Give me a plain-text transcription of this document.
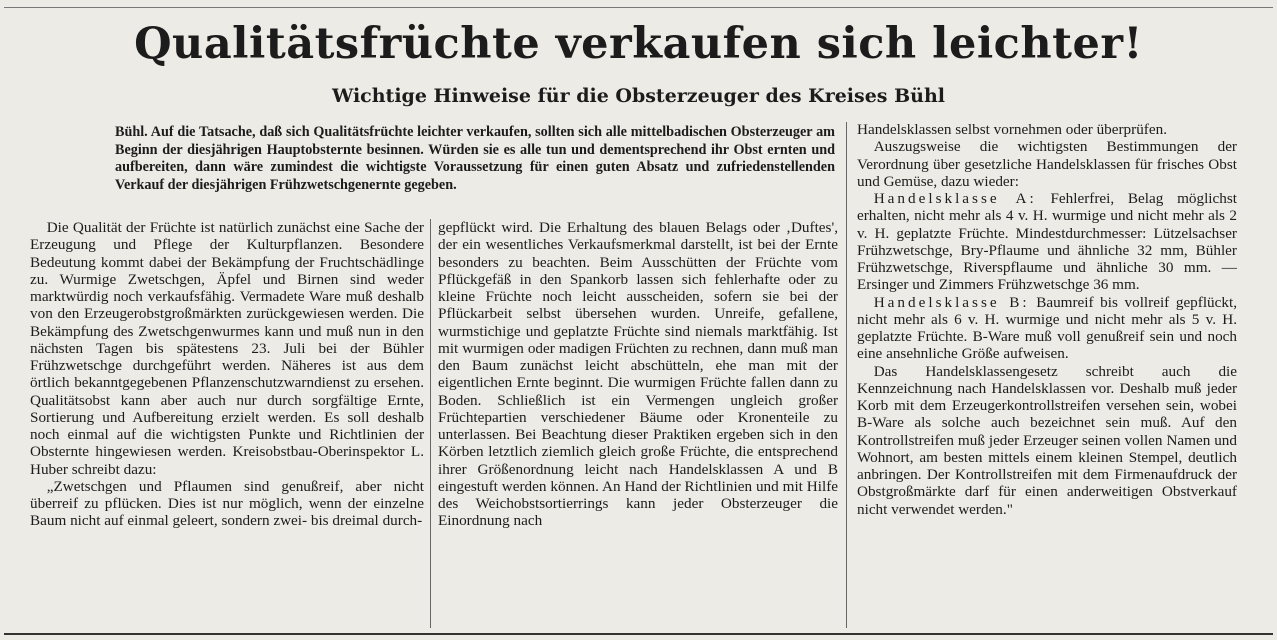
Qualitätsfrüchte verkaufen sich leichter!
Wichtige Hinweise für die Obsterzeuger des Kreises Bühl

Bühl. Auf die Tatsache, daß sich Qualitätsfrüchte leichter verkaufen, sollten sich alle mittelbadischen Obsterzeuger am Beginn der diesjährigen Hauptobsternte besinnen. Würden sie es alle tun und dementsprechend ihr Obst ernten und aufbereiten, dann wäre zumindest die wichtigste Voraussetzung für einen guten Absatz und zufriedenstellenden Verkauf der diesjährigen Frühzwetschgenernte gegeben.

Die Qualität der Früchte ist natürlich zunächst eine Sache der Erzeugung und Pflege der Kulturpflanzen. Besondere Bedeutung kommt dabei der Bekämpfung der Fruchtschädlinge zu. Wurmige Zwetschgen, Äpfel und Birnen sind weder marktwürdig noch verkaufsfähig. Vermadete Ware muß deshalb von den Erzeugerobstgroßmärkten zurückgewiesen werden. Die Bekämpfung des Zwetschgenwurmes kann und muß nun in den nächsten Tagen bis spätestens 23. Juli bei der Bühler Frühzwetschge durchgeführt werden. Näheres ist aus dem örtlich bekanntgegebenen Pflanzenschutzwarndienst zu ersehen. Qualitätsobst kann aber auch nur durch sorgfältige Ernte, Sortierung und Aufbereitung erzielt werden. Es soll deshalb noch einmal auf die wichtigsten Punkte und Richtlinien der Obsternte hingewiesen werden. Kreisobstbau-Oberinspektor L. Huber schreibt dazu:

„Zwetschgen und Pflaumen sind genußreif, aber nicht überreif zu pflücken. Dies ist nur möglich, wenn der einzelne Baum nicht auf einmal geleert, sondern zwei- bis dreimal durch-

gepflückt wird. Die Erhaltung des blauen Belags oder ‚Duftes', der ein wesentliches Verkaufsmerkmal darstellt, ist bei der Ernte besonders zu beachten. Beim Ausschütten der Früchte vom Pflückgefäß in den Spankorb lassen sich fehlerhafte oder zu kleine Früchte noch leicht ausscheiden, sofern sie bei der Pflückarbeit selbst übersehen wurden. Unreife, gefallene, wurmstichige und geplatzte Früchte sind niemals marktfähig. Ist mit wurmigen oder madigen Früchten zu rechnen, dann muß man den Baum zunächst leicht abschütteln, ehe man mit der eigentlichen Ernte beginnt. Die wurmigen Früchte fallen dann zu Boden. Schließlich ist ein Vermengen ungleich großer Früchtepartien verschiedener Bäume oder Kronenteile zu unterlassen. Bei Beachtung dieser Praktiken ergeben sich in den Körben letztlich ziemlich gleich große Früchte, die entsprechend ihrer Größenordnung leicht nach Handelsklassen A und B eingestuft werden können. An Hand der Richtlinien und mit Hilfe des Weichobstsortierrings kann jeder Obsterzeuger die Einordnung nach

Handelsklassen selbst vornehmen oder überprüfen.

Auszugsweise die wichtigsten Bestimmungen der Verordnung über gesetzliche Handelsklassen für frisches Obst und Gemüse, dazu wieder:

Handelsklasse A: Fehlerfrei, Belag möglichst erhalten, nicht mehr als 4 v. H. wurmige und nicht mehr als 2 v. H. geplatzte Früchte. Mindestdurchmesser: Lützelsachser Frühzwetschge, Bry-Pflaume und ähnliche 32 mm, Bühler Frühzwetschge, Riverspflaume und ähnliche 30 mm. — Ersinger und Zimmers Frühzwetschge 36 mm.

Handelsklasse B: Baumreif bis vollreif gepflückt, nicht mehr als 6 v. H. wurmige und nicht mehr als 5 v. H. geplatzte Früchte. B-Ware muß voll genußreif sein und noch eine ansehnliche Größe aufweisen.

Das Handelsklassengesetz schreibt auch die Kennzeichnung nach Handelsklassen vor. Deshalb muß jeder Korb mit dem Erzeugerkontrollstreifen versehen sein, wobei B-Ware als solche auch bezeichnet sein muß. Auf den Kontrollstreifen muß jeder Erzeuger seinen vollen Namen und Wohnort, am besten mittels einem kleinen Stempel, deutlich anbringen. Der Kontrollstreifen mit dem Firmenaufdruck der Obstgroßmärkte darf für einen anderweitigen Obstverkauf nicht verwendet werden."
